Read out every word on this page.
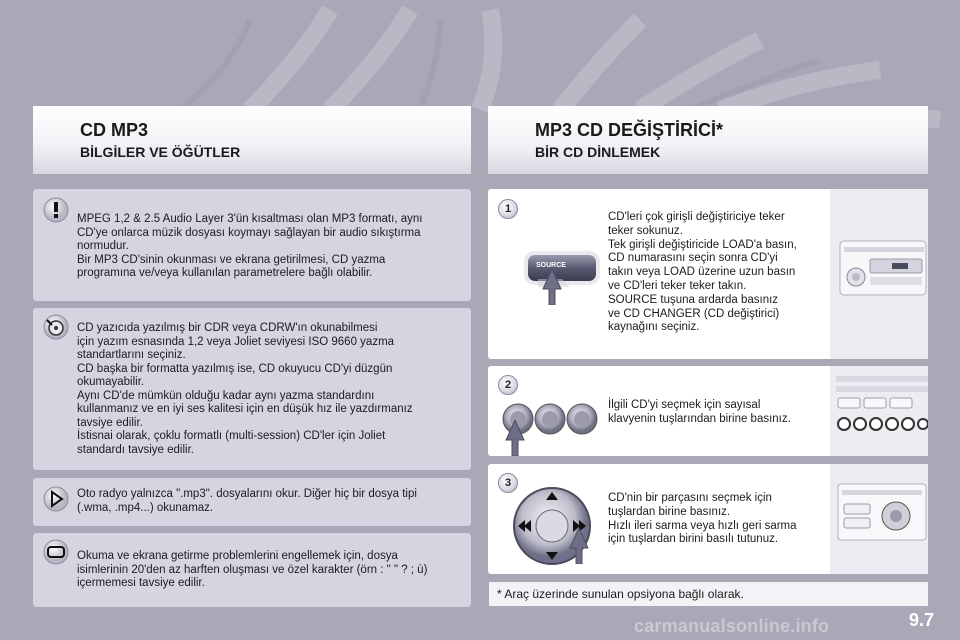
CD MP3
BİLGİLER VE ÖĞÜTLER
MP3 CD DEĞİŞTİRİCİ*
BİR CD DİNLEMEK
MPEG 1,2 & 2.5 Audio Layer 3'ün kısaltması olan MP3 formatı, aynı
CD'ye onlarca müzik dosyası koymayı sağlayan bir audio sıkıştırma
normudur.
Bir MP3 CD'sinin okunması ve ekrana getirilmesi, CD yazma
programına ve/veya kullanılan parametrelere bağlı olabilir.
CD yazıcıda yazılmış bir CDR veya CDRW'ın okunabilmesi
için yazım esnasında 1,2 veya Joliet seviyesi ISO 9660 yazma
standartlarını seçiniz.
CD başka bir formatta yazılmış ise, CD okuyucu CD'yi düzgün
okumayabilir.
Aynı CD'de mümkün olduğu kadar aynı yazma standardını
kullanmanız ve en iyi ses kalitesi için en düşük hız ile yazdırmanız
tavsiye edilir.
İstisnai olarak, çoklu formatlı (multi-session) CD'ler için Joliet
standardı tavsiye edilir.
Oto radyo yalnızca ".mp3". dosyalarını okur. Diğer hiç bir dosya tipi
(.wma, .mp4...) okunamaz.
Okuma ve ekrana getirme problemlerini engellemek için, dosya
isimlerinin 20'den az harften oluşması ve özel karakter (örn : " " ? ; ù)
içermemesi tavsiye edilir.
1
SOURCE
CD'leri çok girişli değiştiriciye teker
teker sokunuz.
Tek girişli değiştiricide LOAD'a basın,
CD numarasını seçin sonra CD'yi
takın veya LOAD üzerine uzun basın
ve CD'leri teker teker takın.
SOURCE tuşuna ardarda basınız
ve CD CHANGER (CD değiştirici)
kaynağını seçiniz.
2
İlgili CD'yi seçmek için sayısal
klavyenin tuşlarından birine basınız.
3
CD'nin bir parçasını seçmek için
tuşlardan birine basınız.
Hızlı ileri sarma veya hızlı geri sarma
için tuşlardan birini basılı tutunuz.
* Araç üzerinde sunulan opsiyona bağlı olarak.
carmanualsonline.info	9.7
